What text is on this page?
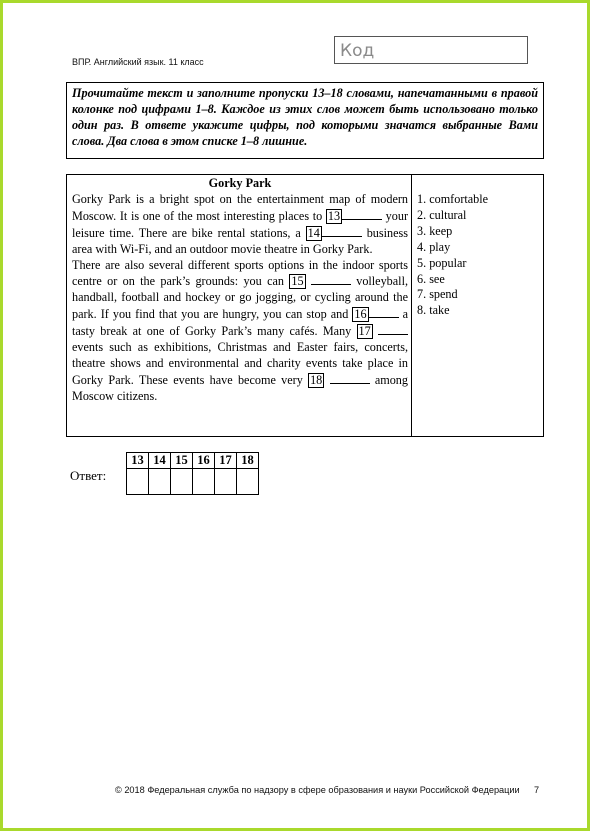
ВПР. Английский язык. 11 класс
Код
Прочитайте текст и заполните пропуски 13–18 словами, напечатанными в правой колонке под цифрами 1–8. Каждое из этих слов может быть использовано только один раз. В ответе укажите цифры, под которыми значатся выбранные Вами слова. Два слова в этом списке 1–8 лишние.
Gorky Park
Gorky Park is a bright spot on the entertainment map of modern Moscow. It is one of the most interesting places to 13	your leisure time. There are bike rental stations, a 14	business area with Wi-Fi, and an outdoor movie theatre in Gorky Park.
There are also several different sports options in the indoor sports centre or on the park’s grounds: you can 15	volleyball, handball, football and hockey or go jogging, or cycling around the park. If you find that you are hungry, you can stop and 16	a tasty break at one of Gorky Park’s many cafés. Many 17  events such as exhibitions, Christmas and Easter fairs, concerts, theatre shows and environmental and charity events take place in Gorky Park. These events have become very 18	among Moscow citizens.
1. comfortable
2. cultural
3. keep
4. play
5. popular
6. see
7. spend
8. take
Ответ:
13	14	15	16	17	18

© 2018 Федеральная служба по надзору в сфере образования и науки Российской Федерации 7
